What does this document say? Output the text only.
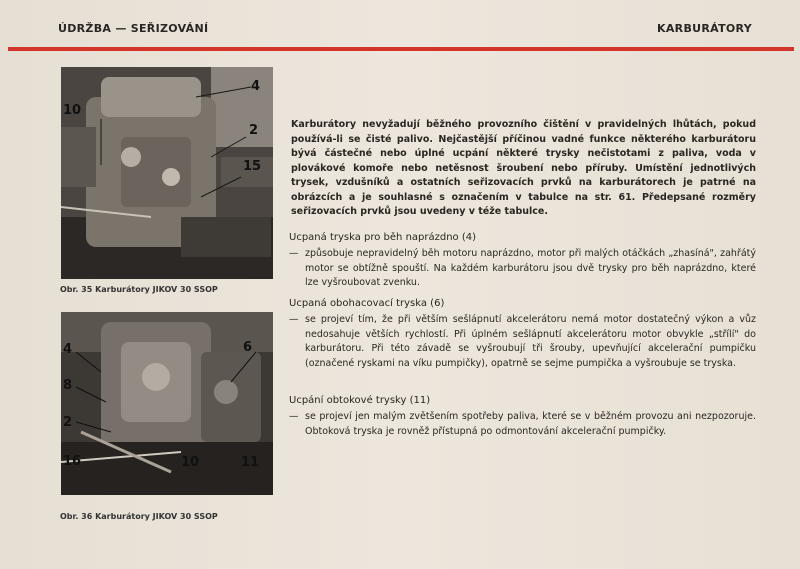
ÚDRŽBA — SEŘIZOVÁNÍ	KARBURÁTORY
10
4
2
15
Obr. 35 Karburátory JIKOV 30 SSOP
4
8
2
16	10	11
6
Obr. 36 Karburátory JIKOV 30 SSOP

Karburátory nevyžadují běžného provozního čištění v pravidelných lhůtách, pokud používá-li se čisté palivo. Nejčastější příčinou vadné funkce některého karburátoru bývá částečné nebo úplné ucpání některé trysky nečistotami z paliva, voda v plovákové komoře nebo netěsnost šroubení nebo příruby. Umístění jednotlivých trysek, vzdušníků a ostatních seřizovacích prvků na karburátorech je patrné na obrázcích a je souhlasné s označením v tabulce na str. 61. Předepsané rozměry seřizovacích prvků jsou uvedeny v téže tabulce.

Ucpaná tryska pro běh naprázdno (4)
— způsobuje nepravidelný běh motoru naprázdno, motor při malých otáčkách „zhasíná", zahřátý motor se obtížně spouští. Na každém karburátoru jsou dvě trysky pro běh naprázdno, které lze vyšroubovat zvenku.
Ucpaná obohacovací tryska (6)
— se projeví tím, že při větším sešlápnutí akcelerátoru nemá motor dostatečný výkon a vůz nedosahuje větších rychlostí. Při úplném sešlápnutí akcelerátoru motor obvykle „střílí" do karburátoru. Při této závadě se vyšroubují tři šrouby, upevňující akcelerační pumpičku (označené ryskami na víku pumpičky), opatrně se sejme pumpička a vyšroubuje se tryska.
Ucpání obtokové trysky (11)
— se projeví jen malým zvětšením spotřeby paliva, které se v běžném provozu ani nezpozoruje. Obtoková tryska je rovněž přístupná po odmontování akcelerační pumpičky.
